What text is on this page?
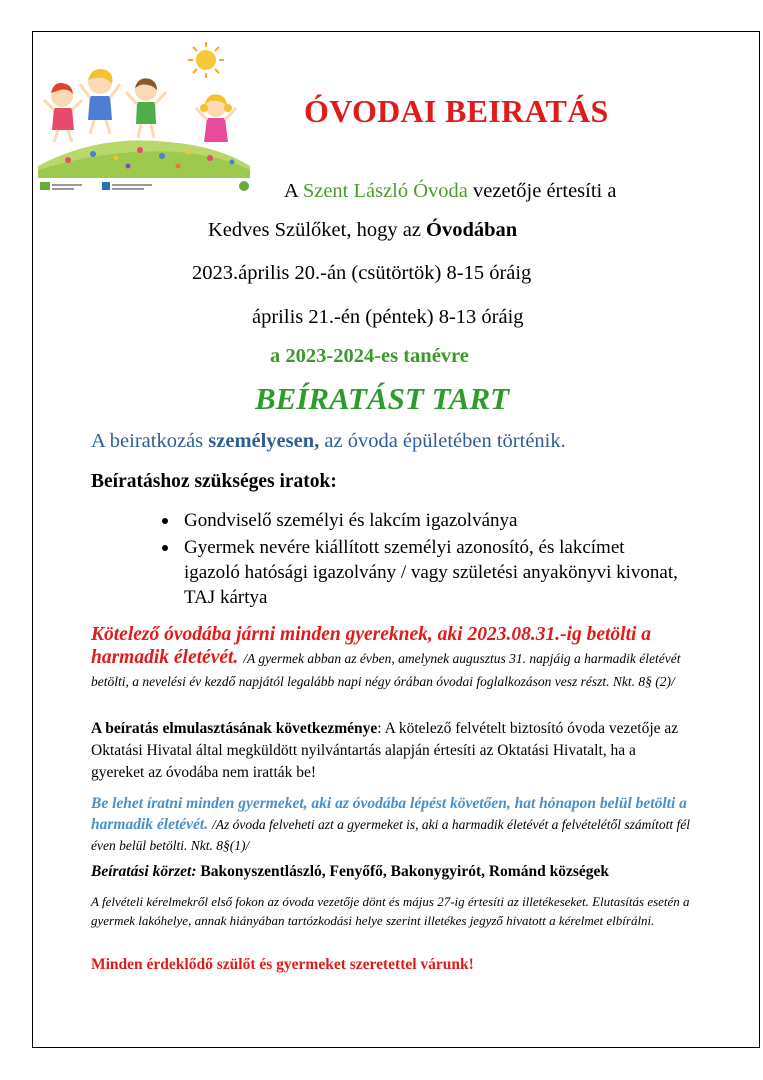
ÓVODAI BEIRATÁS
A Szent László Óvoda vezetője értesíti a
Kedves Szülőket, hogy az Óvodában
2023.április 20.-án (csütörtök) 8-15 óráig
április 21.-én (péntek) 8-13 óráig
a 2023-2024-es tanévre
BEÍRATÁST TART
A beiratkozás személyesen, az óvoda épületében történik.
Beíratáshoz szükséges iratok:
Gondviselő személyi és lakcím igazolványa
Gyermek nevére kiállított személyi azonosító, és lakcímet igazoló hatósági igazolvány / vagy születési anyakönyvi kivonat, TAJ kártya
Kötelező óvodába járni minden gyereknek, aki 2023.08.31.-ig betölti a harmadik életévét. /A gyermek abban az évben, amelynek augusztus 31. napjáig a harmadik életévét betölti, a nevelési év kezdő napjától legalább napi négy órában óvodai foglalkozáson vesz részt. Nkt. 8§ (2)/
A beíratás elmulasztásának következménye: A kötelező felvételt biztosító óvoda vezetője az Oktatási Hivatal által megküldött nyilvántartás alapján értesíti az Oktatási Hivatalt, ha a gyereket az óvodába nem iratták be!
Be lehet íratni minden gyermeket, aki az óvodába lépést követően, hat hónapon belül betölti a harmadik életévét. /Az óvoda felveheti azt a gyermeket is, aki a harmadik életévét a felvételétől számított fél éven belül betölti. Nkt. 8§(1)/
Beíratási körzet: Bakonyszentlászló, Fenyőfő, Bakonygyirót, Románd községek
A felvételi kérelmekről első fokon az óvoda vezetője dönt és május 27-ig értesíti az illetékeseket. Elutasítás esetén a gyermek lakóhelye, annak hiányában tartózkodási helye szerint illetékes jegyző hivatott a kérelmet elbírálni.
Minden érdeklődő szülőt és gyermeket szeretettel várunk!
